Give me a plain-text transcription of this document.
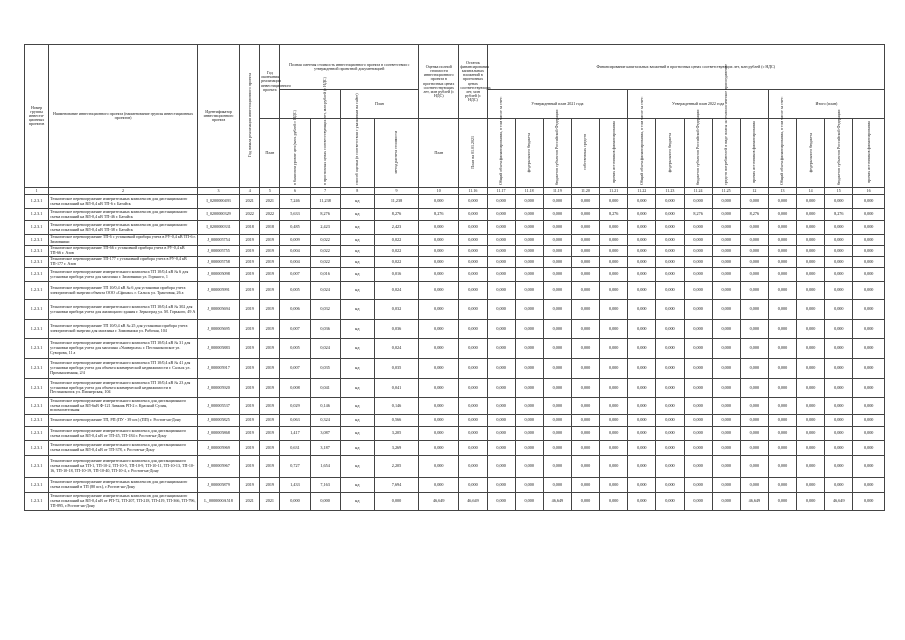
Номер группы инвести-ционных проектов	Наименование инвестиционного проекта (наименование группы инвестиционных проектов)	Идентификатор инвестиционного проекта	Год начала реализации инвестиционного проекта	Год окончания реализации инвестиционного проекта	Полная сметная стоимость инвестиционного проекта в соответствии с утвержденной проектной документацией				Оценка полной стоимости инвестиционного проекта в прогнозных ценах соответствующих лет, млн рублей (с НДС)	Остаток финансирования капитальных вложений в прогнозных ценах соответствующих лет, млн рублей (с НДС)	Финансирование капитальных вложений в прогнозных ценах соответствующих лет, млн рублей (с НДС)													
							План				Утвержденный план 2021 года					Утвержденный план 2022 года					Итого (план)			
				План	в базисном уровне цен (млн. рублей с НДС)	в прогнозных ценах соответствующих лет, млн рублей (с НДС)	способ оценки (в соответствии с указанным на сайте)	метод расчета стоимости	План	План на 01.01.2021	Общий объем финансирования, в том числе за счет:	федерального бюджета	бюджетов субъектов Российской Федерации	собственных средств	прочих источников финансирования	Общий объем финансирования, в том числе за счет:	федерального бюджета	бюджетов субъектов Российской Федерации	средств потребителей в виде платы за технологическое присоединение	прочих источников финансирования	Общий объем финансирования, в том числе за счет:	федерального бюджета	бюджетов субъектов Российской Федерации	прочих источников финансирования
1	2	3	4	5	6	7	8	9	10	11.16	11.17	11.18	11.19	11.20	11.21	11.22	11.23	11.24	11.25	12	13	14	15	16
1.2.3.1	Техническое перевооружение измерительных комплексов для дистанционного съема показаний на ВЛ-0,4 кВ ТП-6 г. Батайск	I_0200000493	2021	2021	7,246	11,238	нд	11,238	0,000	0,000	0,000	0,000	0,000	0,000	0,000	0,000	0,000	0,000	0,000	0,000	0,000	0,000	0,000	0,000
1.2.3.1	Техническое перевооружение измерительных комплексов для дистанционного съема показаний на ВЛ-0,4 кВ ТП-46 г. Батайск	I_0200000329	2022	2022	5,633	8,276	нд	8,276	8,276	0,000	0,000	0,000	0,000	0,000	8,276	0,000	0,000	8,276	0,000	8,276	0,000	0,000	8,276	0,000
1.2.3.1	Техническое перевооружение измерительных комплексов для дистанционного съема показаний на ВЛ-0,4 кВ ТП-38 г. Батайск	I_0200000331	2018	2018	0,485	2,423	нд	2,423	0,000	0,000	0,000	0,000	0,000	0,000	0,000	0,000	0,000	0,000	0,000	0,000	0,000	0,000	0,000	0,000
1.2.3.1	Техническое перевооружение ТП-6 с установкой прибора учета в РУ-0,4 кВ ТП-6 г. Зимовники	J_000005754	2019	2019	0,009	0,022	нд	0,022	0,000	0,000	0,000	0,000	0,000	0,000	0,000	0,000	0,000	0,000	0,000	0,000	0,000	0,000	0,000	0,000
1.2.3.1	Техническое перевооружение ТП-66 с установкой прибора учета в РУ-0,4 кВ ТП-66 г. Азов	J_000005755	2019	2019	0,004	0,022	нд	0,022	0,000	0,000	0,000	0,000	0,000	0,000	0,000	0,000	0,000	0,000	0,000	0,000	0,000	0,000	0,000	0,000
1.2.3.1	Техническое перевооружение ТП-177 с установкой прибора учета в РУ-0,4 кВ ТП-177 г. Азов	J_000005758	2019	2019	0,004	0,022	нд	0,022	0,000	0,000	0,000	0,000	0,000	0,000	0,000	0,000	0,000	0,000	0,000	0,000	0,000	0,000	0,000	0,000
1.2.3.1	Техническое перевооружение измерительного комплекса ТП 10/0,4 кВ № 6 для установки прибора учета для магазина г. Зимовники ул. Горького, 1	J_000005098	2019	2019	0,007	0,016	нд	0,016	0,000	0,000	0,000	0,000	0,000	0,000	0,000	0,000	0,000	0,000	0,000	0,000	0,000	0,000	0,000	0,000
1.2.3.1	Техническое перевооружение ТП 10/0,4 кВ № 6 для установки прибора учета электрической энергии объекта ООО «Сфинкс» г. Сальск ул. Трактовая, 26 а	J_000005991	2019	2019	0,005	0,024	нд	0,024	0,000	0,000	0,000	0,000	0,000	0,000	0,000	0,000	0,000	0,000	0,000	0,000	0,000	0,000	0,000	0,000
1.2.3.1	Техническое перевооружение измерительного комплекса ТП 10/0,4 кВ № 302 для установки прибора учета для жилищного здания г. Зерноград ул. М. Горького, 49 А	J_000005694	2019	2019	0,006	0,032	нд	0,032	0,000	0,000	0,000	0,000	0,000	0,000	0,000	0,000	0,000	0,000	0,000	0,000	0,000	0,000	0,000	0,000
1.2.3.1	Техническое перевооружение ТП 10/0,4 кВ № 25 для установки прибора учета электрической энергии для магазина г. Зимовники ул. Рабочая, 104	J_000005695	2019	2019	0,007	0,036	нд	0,036	0,000	0,000	0,000	0,000	0,000	0,000	0,000	0,000	0,000	0,000	0,000	0,000	0,000	0,000	0,000	0,000
1.2.3.1	Техническое перевооружение измерительного комплекса ТП 10/0,4 кВ № 31 для установки прибора учета для магазина «Универсам» г. Песчанокопское ул. Суворова, 11 а	J_000005883	2019	2019	0,005	0,024	нд	0,024	0,000	0,000	0,000	0,000	0,000	0,000	0,000	0,000	0,000	0,000	0,000	0,000	0,000	0,000	0,000	0,000
1.2.3.1	Техническое перевооружение измерительного комплекса ТП 10/0,4 кВ № 41 для установки прибора учета для объекта коммерческой недвижимости г. Сальск ул. Промышленная, 2/4	J_000005917	2019	2019	0,007	0,035	нд	0,035	0,000	0,000	0,000	0,000	0,000	0,000	0,000	0,000	0,000	0,000	0,000	0,000	0,000	0,000	0,000	0,000
1.2.3.1	Техническое перевооружение измерительного комплекса ТП 10/0,4 кВ № 23 для установки прибора учета для объекта коммерческой недвижимости в Песчанокопск ул. Пионерская, 104	J_000005920	2019	2019	0,008	0,041	нд	0,041	0,000	0,000	0,000	0,000	0,000	0,000	0,000	0,000	0,000	0,000	0,000	0,000	0,000	0,000	0,000	0,000
1.2.3.1	Техническое перевооружение измерительного комплекса для дистанционного съема показаний на ВЛ-6кВ Ф-121 Зимник РП-2 г. Красный Сулин, вспомогательная	J_000005537	2019	2019	0,029	0,146	нд	0,146	0,000	0,000	0,000	0,000	0,000	0,000	0,000	0,000	0,000	0,000	0,000	0,000	0,000	0,000	0,000	0,000
1.2.3.1	Техническое перевооружение ТП, РП (ПУ - 39 шт.) (ПП) г. Ростов-на-Дону	J_000005825	2019	2019	0,063	0,324	нд	0,566	0,000	0,000	0,000	0,000	0,000	0,000	0,000	0,000	0,000	0,000	0,000	0,000	0,000	0,000	0,000	0,000
1.2.3.1	Техническое перевооружение измерительного комплекса для дистанционного съема показаний на ВЛ-0,4 кВ от ТП-45, ТП-184 г. Ростов-на-Дону	J_000005868	2019	2019	1,417	3,087	нд	3,205	0,000	0,000	0,000	0,000	0,000	0,000	0,000	0,000	0,000	0,000	0,000	0,000	0,000	0,000	0,000	0,000
1.2.3.1	Техническое перевооружение измерительного комплекса для дистанционного съема показаний на ВЛ-0,4 кВ от ТП-378, г. Ростов-на-Дону	J_000005969	2019	2019	0,631	3,187	нд	3,269	0,000	0,000	0,000	0,000	0,000	0,000	0,000	0,000	0,000	0,000	0,000	0,000	0,000	0,000	0,000	0,000
1.2.3.1	Техническое перевооружение измерительного комплекса для дистанционного съема показаний на ТП-1, ТП-10-2, ТП-10-5, ТП-10-9, ТП-10-11, ТП-10-13, ТП-10-16, ТП-10-18, ТП-10-19, ТП-10-40, ТП-10-4, г. Ростов-на-Дону	J_000005967	2019	2019	0,727	1,654	нд	2,205	0,000	0,000	0,000	0,000	0,000	0,000	0,000	0,000	0,000	0,000	0,000	0,000	0,000	0,000	0,000	0,000
1.2.3.1	Техническое перевооружение измерительных комплексов для дистанционного съема показаний в ТП (80 шт.), г.Ростов-на-Дону	J_000005879	2019	2019	1,433	7,163	нд	7,694	0,000	0,000	0,000	0,000	0,000	0,000	0,000	0,000	0,000	0,000	0,000	0,000	0,000	0,000	0,000	0,000
1.2.3.1	Техническое перевооружение измерительных комплексов для дистанционного съема показаний на ВЛ-0,4 кВ от РП-72, ТП-207, ТП-218, ТП-419, ТП-366, ТП-796, ТП-895, г.Ростов-на-Дону	L_0000000A518	2021	2021	0,000	0,000	нд	0,000	46,649	46,649	0,000	0,000	46,649	0,000	0,000	0,000	0,000	0,000	0,000	46,649	0,000	0,000	46,649	0,000
